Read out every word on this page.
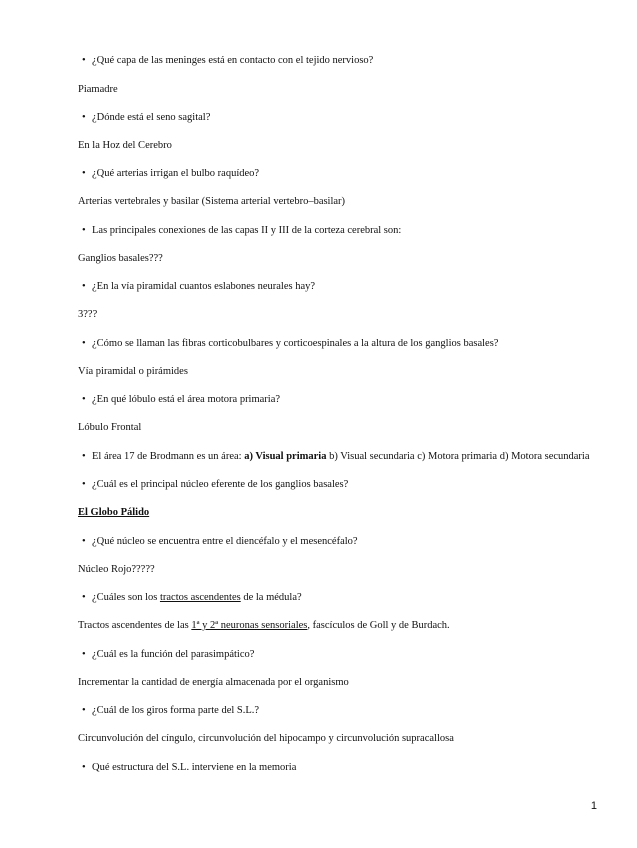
• ¿Qué capa de las meninges está en contacto con el tejido nervioso?
Piamadre
• ¿Dónde está el seno sagital?
En la Hoz del Cerebro
• ¿Qué arterias irrigan el bulbo raquídeo?
Arterias vertebrales y basilar (Sistema arterial vertebro–basilar)
• Las principales conexiones de las capas II y III de la corteza cerebral son:
Ganglios basales???
• ¿En la vía piramidal cuantos eslabones neurales hay?
3???
• ¿Cómo se llaman las fibras corticobulbares y corticoespinales a la altura de los ganglios basales?
Vía piramidal o pirámides
• ¿En qué lóbulo está el área motora primaria?
Lóbulo Frontal
• El área 17 de Brodmann es un área: a) Visual primaria b) Visual secundaria c) Motora primaria d) Motora secundaria
• ¿Cuál es el principal núcleo eferente de los ganglios basales?
El Globo Pálido
• ¿Qué núcleo se encuentra entre el diencéfalo y el mesencéfalo?
Núcleo Rojo?????
• ¿Cuáles son los tractos ascendentes de la médula?
Tractos ascendentes de las 1ª y 2ª neuronas sensoriales, fascículos de Goll y de Burdach.
• ¿Cuál es la función del parasimpático?
Incrementar la cantidad de energía almacenada por el organismo
• ¿Cuál de los giros forma parte del S.L.?
Circunvolución del cíngulo, circunvolución del hipocampo y circunvolución supracallosa
• Qué estructura del S.L. interviene en la memoria
1
